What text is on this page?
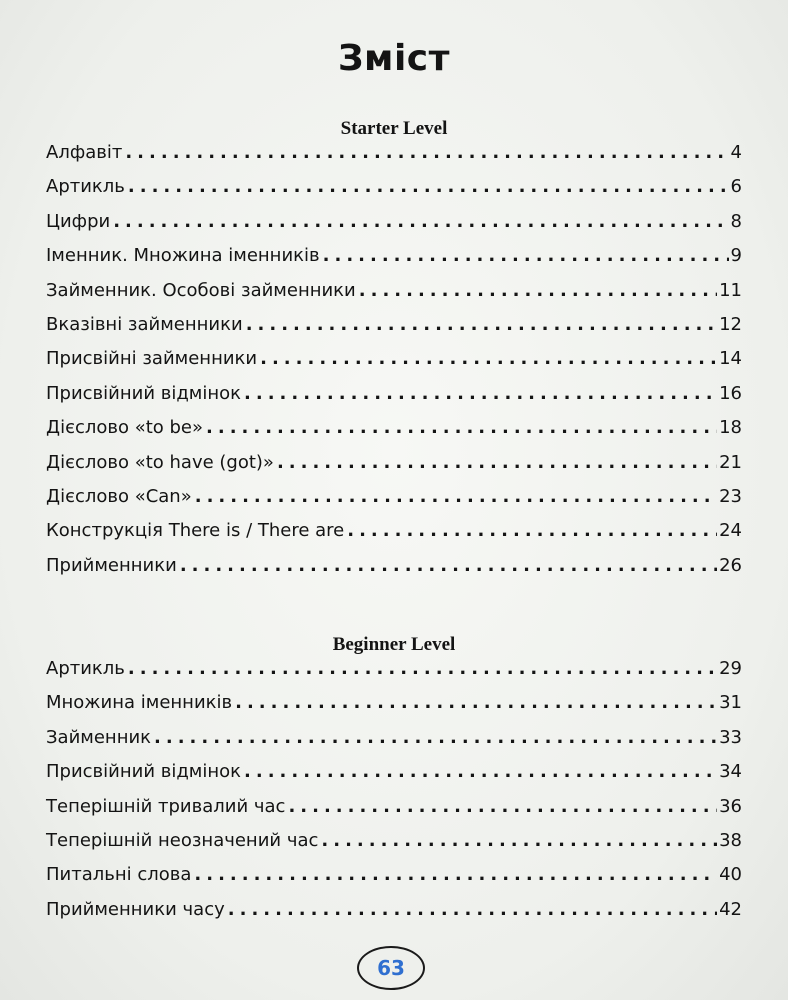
Зміст
Starter Level
Алфавіт .....	4
Артикль .....	6
Цифри .....	8
Іменник. Множина іменників .....	9
Займенник. Особові займенники .....	11
Вказівні займенники .....	12
Присвійні займенники .....	14
Присвійний відмінок .....	16
Дієслово «to be» .....	18
Дієслово «to have (got)» .....	21
Дієслово «Can» .....	23
Конструкція There is / There are .....	24
Прийменники .....	26
Beginner Level
Артикль .....	29
Множина іменників .....	31
Займенник .....	33
Присвійний відмінок .....	34
Теперішній тривалий час .....	36
Теперішній неозначений час .....	38
Питальні слова .....	40
Прийменники часу .....	42
63
